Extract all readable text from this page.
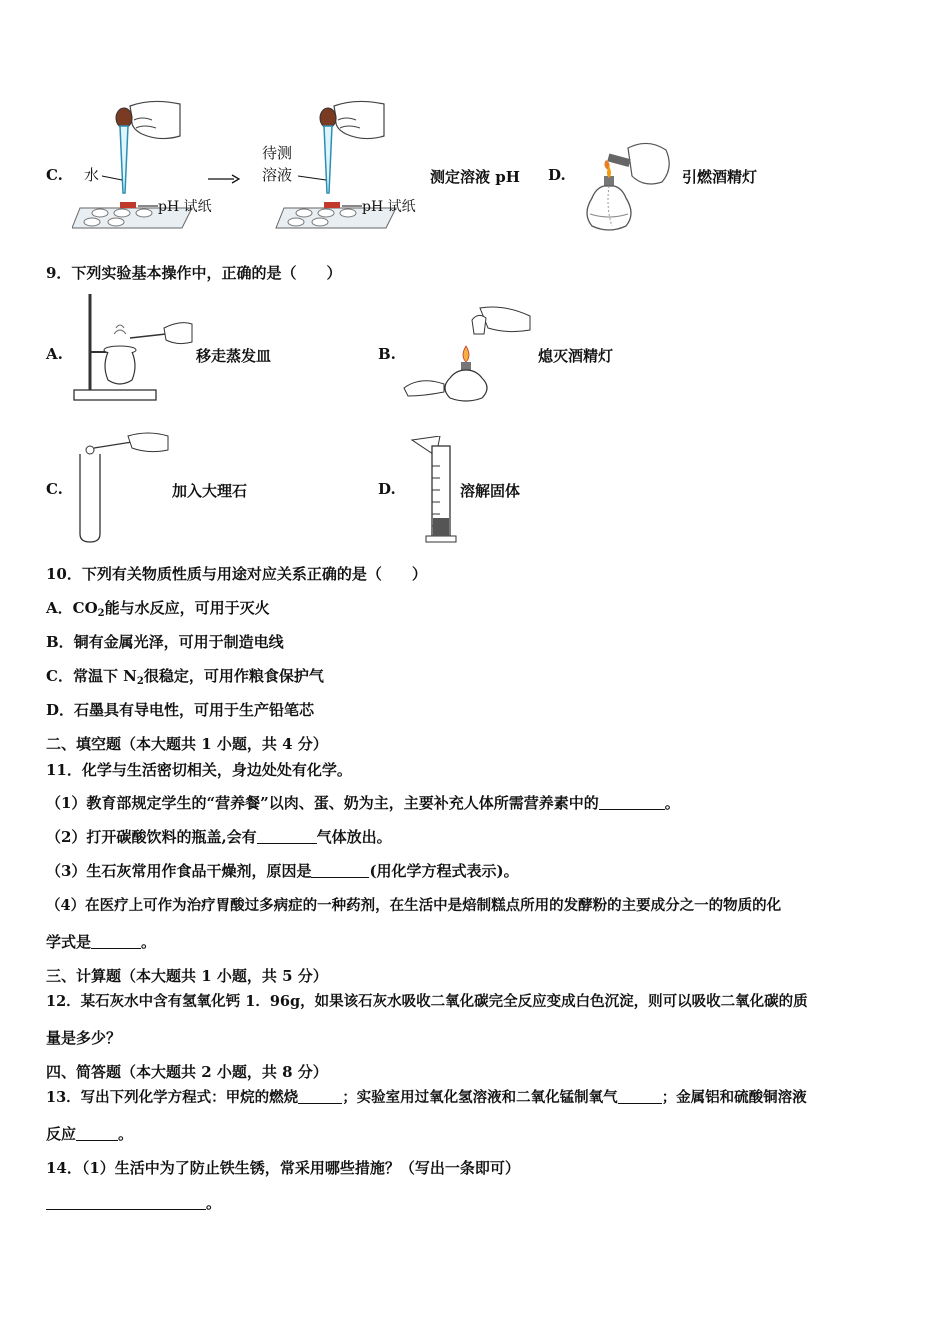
C. 水
pH 试纸
待测
溶液
pH 试纸
测定溶液 pH D.	引燃酒精灯
9．下列实验基本操作中，正确的是（　　）
A.	移走蒸发皿	B.	熄灭酒精灯
C.	加入大理石	D.	溶解固体
10．下列有关物质性质与用途对应关系正确的是（　　）
A．$CO_2$能与水反应，可用于灭火
B．铜有金属光泽，可用于制造电线
C．常温下 $N_2$很稳定，可用作粮食保护气
D．石墨具有导电性，可用于生产铅笔芯
二、填空题（本大题共 1 小题，共 4 分）
11．化学与生活密切相关，身边处处有化学。
（1）教育部规定学生的“营养餐”以肉、蛋、奶为主，主要补充人体所需营养素中的	。
（2）打开碳酸饮料的瓶盖,会有	气体放出。
（3）生石灰常用作食品干燥剂，原因是	(用化学方程式表示)。
（4）在医疗上可作为治疗胃酸过多病症的一种药剂，在生活中是焙制糕点所用的发酵粉的主要成分之一的物质的化
学式是	。
三、计算题（本大题共 1 小题，共 5 分）
12．某石灰水中含有氢氧化钙 1．96g，如果该石灰水吸收二氧化碳完全反应变成白色沉淀，则可以吸收二氧化碳的质
量是多少？
四、简答题（本大题共 2 小题，共 8 分）
13．写出下列化学方程式：甲烷的燃烧	；实验室用过氧化氢溶液和二氧化锰制氧气	；金属铝和硫酸铜溶液
反应	。
14．（1）生活中为了防止铁生锈，常采用哪些措施？（写出一条即可）
。
